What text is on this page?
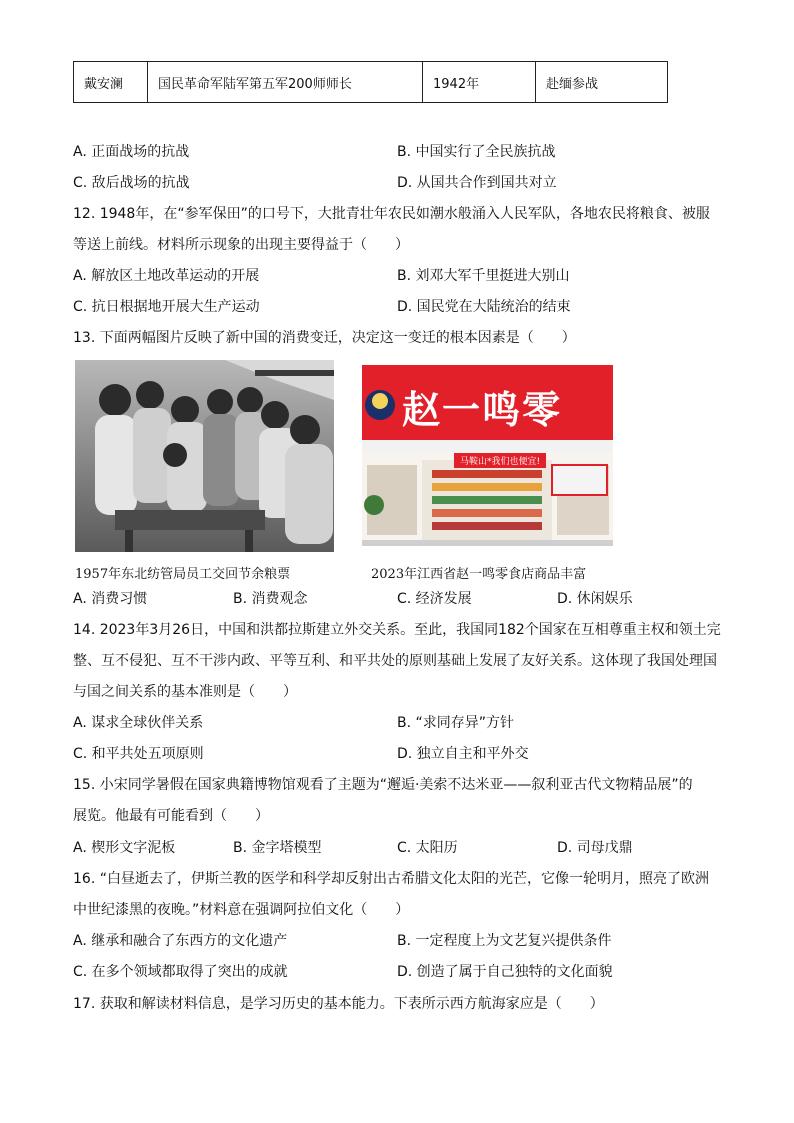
戴安澜	国民革命军陆军第五军200师师长	1942年	赴缅参战
A. 正面战场的抗战	B. 中国实行了全民族抗战
C. 敌后战场的抗战	D. 从国共合作到国共对立
12. 1948年，在“参军保田”的口号下，大批青壮年农民如潮水般涌入人民军队，各地农民将粮食、被服
等送上前线。材料所示现象的出现主要得益于（　　）
A. 解放区土地改革运动的开展	B. 刘邓大军千里挺进大别山
C. 抗日根据地开展大生产运动	D. 国民党在大陆统治的结束
13. 下面两幅图片反映了新中国的消费变迁，决定这一变迁的根本因素是（　　）
赵一鸣零
马鞍山*我们也便宜!
1957年东北纺管局员工交回节余粮票	2023年江西省赵一鸣零食店商品丰富
A. 消费习惯	B. 消费观念	C. 经济发展	D. 休闲娱乐
14. 2023年3月26日，中国和洪都拉斯建立外交关系。至此，我国同182个国家在互相尊重主权和领土完
整、互不侵犯、互不干涉内政、平等互利、和平共处的原则基础上发展了友好关系。这体现了我国处理国
与国之间关系的基本准则是（　　）
A. 谋求全球伙伴关系	B. “求同存异”方针
C. 和平共处五项原则	D. 独立自主和平外交
15. 小宋同学暑假在国家典籍博物馆观看了主题为“邂逅·美索不达米亚——叙利亚古代文物精品展”的
展览。他最有可能看到（　　）
A. 楔形文字泥板	B. 金字塔模型	C. 太阳历	D. 司母戊鼎
16. “白昼逝去了，伊斯兰教的医学和科学却反射出古希腊文化太阳的光芒，它像一轮明月，照亮了欧洲
中世纪漆黑的夜晚。”材料意在强调阿拉伯文化（　　）
A. 继承和融合了东西方的文化遗产	B. 一定程度上为文艺复兴提供条件
C. 在多个领域都取得了突出的成就	D. 创造了属于自己独特的文化面貌
17. 获取和解读材料信息，是学习历史的基本能力。下表所示西方航海家应是（　　）
